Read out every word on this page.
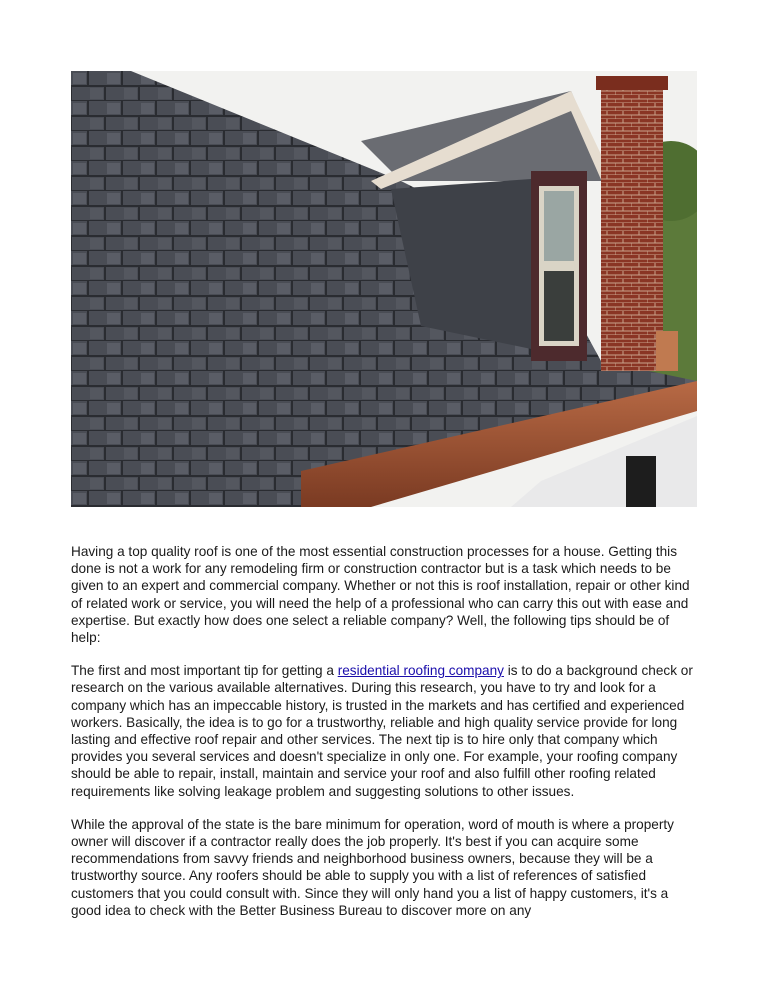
Having a top quality roof is one of the most essential construction processes for a house. Getting this done is not a work for any remodeling firm or construction contractor but is a task which needs to be given to an expert and commercial company. Whether or not this is roof installation, repair or other kind of related work or service, you will need the help of a professional who can carry this out with ease and expertise. But exactly how does one select a reliable company? Well, the following tips should be of help:

The first and most important tip for getting a residential roofing company is to do a background check or research on the various available alternatives. During this research, you have to try and look for a company which has an impeccable history, is trusted in the markets and has certified and experienced workers. Basically, the idea is to go for a trustworthy, reliable and high quality service provide for long lasting and effective roof repair and other services. The next tip is to hire only that company which provides you several services and doesn't specialize in only one. For example, your roofing company should be able to repair, install, maintain and service your roof and also fulfill other roofing related requirements like solving leakage problem and suggesting solutions to other issues.

While the approval of the state is the bare minimum for operation, word of mouth is where a property owner will discover if a contractor really does the job properly. It's best if you can acquire some recommendations from savvy friends and neighborhood business owners, because they will be a trustworthy source. Any roofers should be able to supply you with a list of references of satisfied customers that you could consult with. Since they will only hand you a list of happy customers, it's a good idea to check with the Better Business Bureau to discover more on any
